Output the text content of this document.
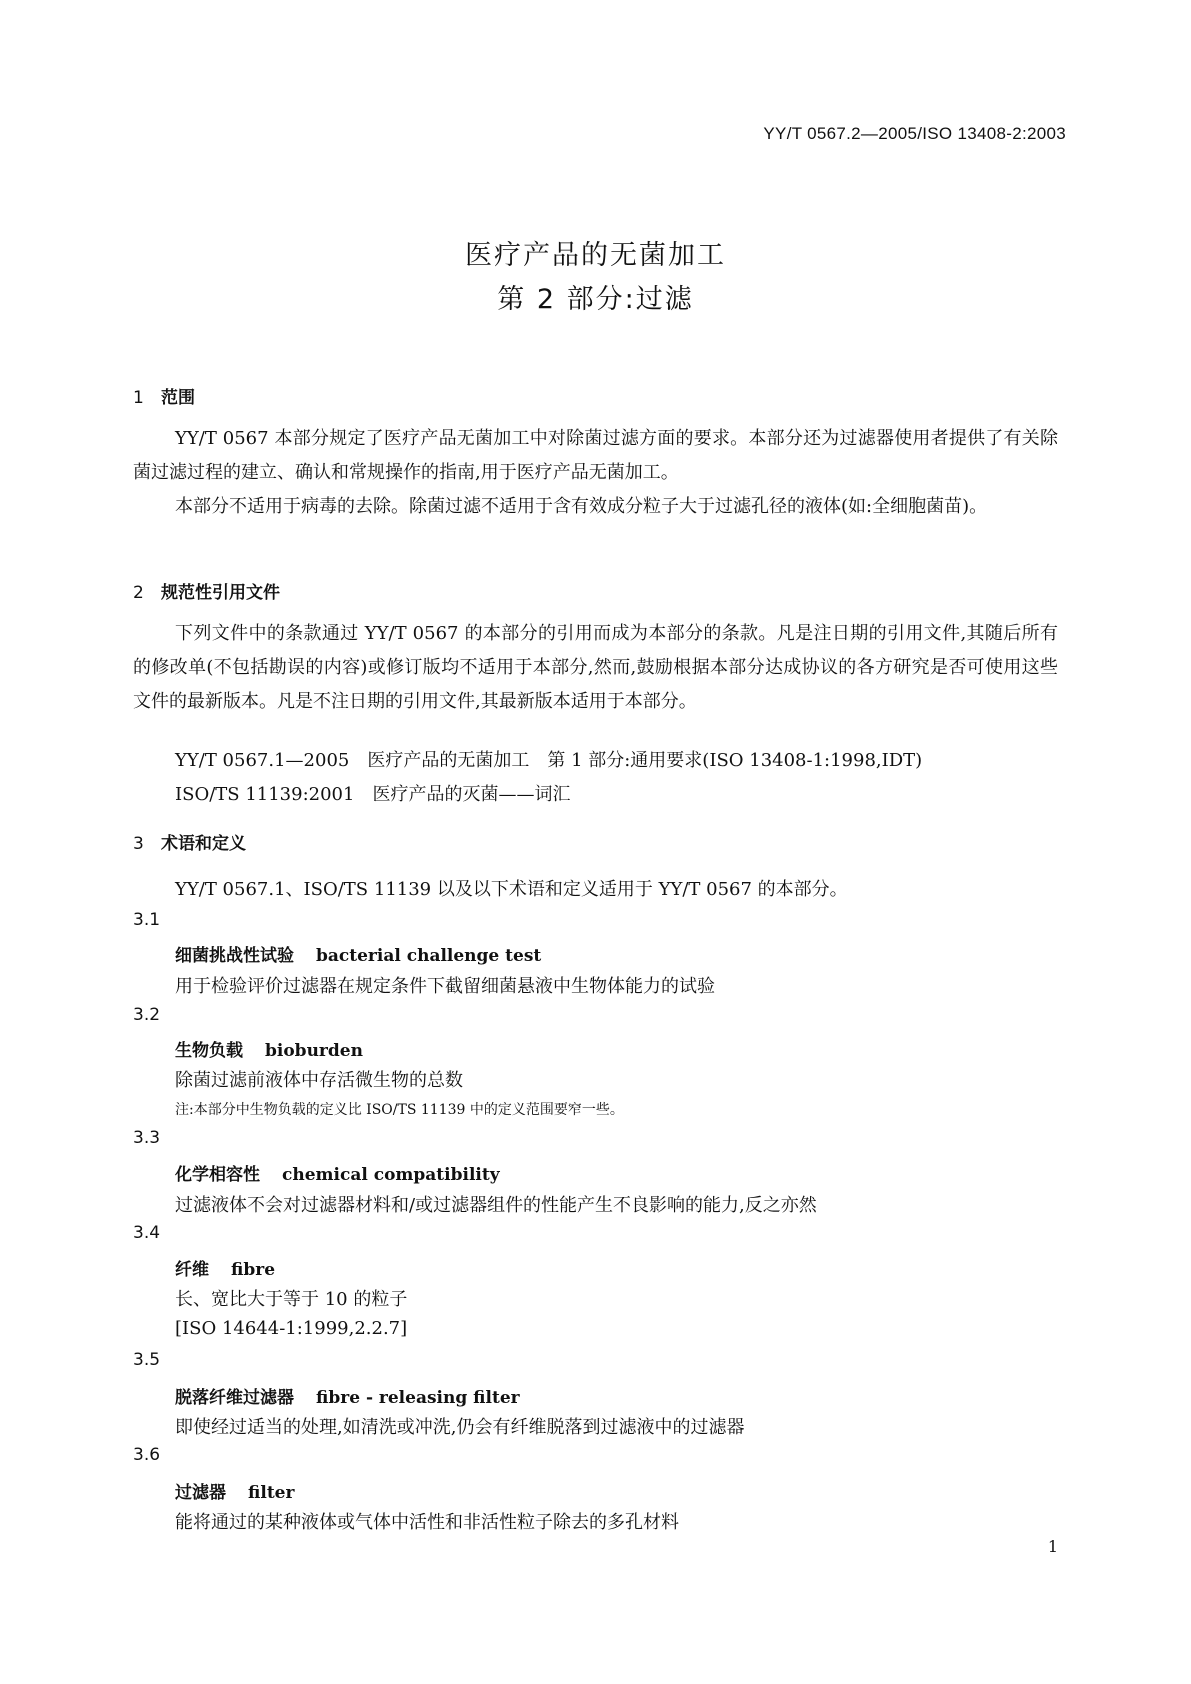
YY/T 0567.2—2005/ISO 13408-2:2003
医疗产品的无菌加工
第 2 部分:过滤
1 范围
YY/T 0567 本部分规定了医疗产品无菌加工中对除菌过滤方面的要求。本部分还为过滤器使用者提供了有关除菌过滤过程的建立、确认和常规操作的指南,用于医疗产品无菌加工。
本部分不适用于病毒的去除。除菌过滤不适用于含有效成分粒子大于过滤孔径的液体(如:全细胞菌苗)。
2 规范性引用文件
下列文件中的条款通过 YY/T 0567 的本部分的引用而成为本部分的条款。凡是注日期的引用文件,其随后所有的修改单(不包括勘误的内容)或修订版均不适用于本部分,然而,鼓励根据本部分达成协议的各方研究是否可使用这些文件的最新版本。凡是不注日期的引用文件,其最新版本适用于本部分。
YY/T 0567.1—2005　医疗产品的无菌加工　第 1 部分:通用要求(ISO 13408-1:1998,IDT)
ISO/TS 11139:2001　医疗产品的灭菌——词汇
3 术语和定义
YY/T 0567.1、ISO/TS 11139 以及以下术语和定义适用于 YY/T 0567 的本部分。
3.1
细菌挑战性试验 bacterial challenge test
用于检验评价过滤器在规定条件下截留细菌悬液中生物体能力的试验
3.2
生物负载 bioburden
除菌过滤前液体中存活微生物的总数
注:本部分中生物负载的定义比 ISO/TS 11139 中的定义范围要窄一些。
3.3
化学相容性 chemical compatibility
过滤液体不会对过滤器材料和/或过滤器组件的性能产生不良影响的能力,反之亦然
3.4
纤维 fibre
长、宽比大于等于 10 的粒子
[ISO 14644-1:1999,2.2.7]
3.5
脱落纤维过滤器 fibre - releasing filter
即使经过适当的处理,如清洗或冲洗,仍会有纤维脱落到过滤液中的过滤器
3.6
过滤器 filter
能将通过的某种液体或气体中活性和非活性粒子除去的多孔材料
1
